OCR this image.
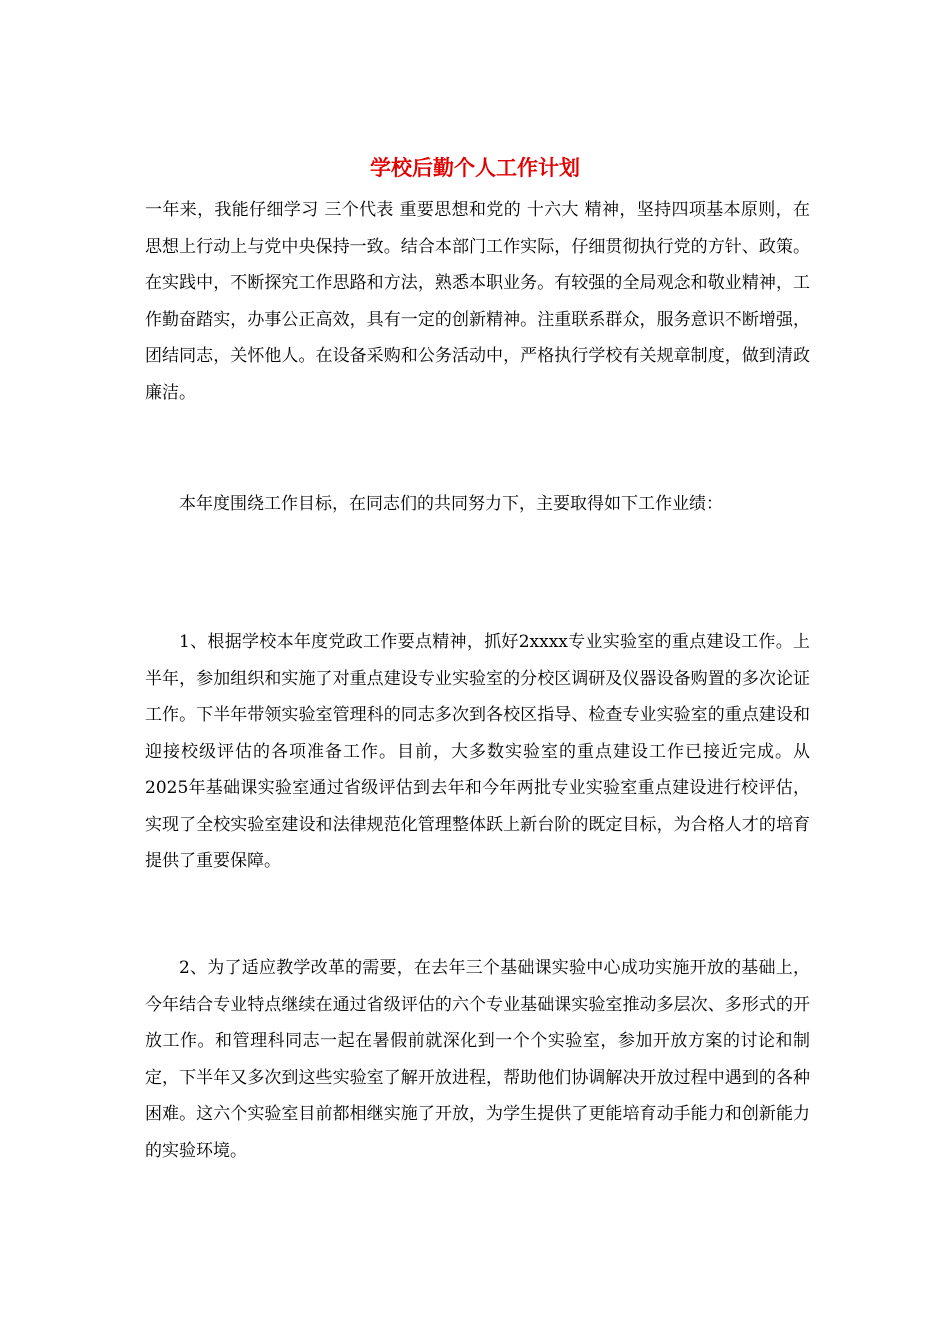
学校后勤个人工作计划

一年来，我能仔细学习 三个代表 重要思想和党的 十六大 精神，坚持四项基本原则，在思想上行动上与党中央保持一致。结合本部门工作实际，仔细贯彻执行党的方针、政策。在实践中，不断探究工作思路和方法，熟悉本职业务。有较强的全局观念和敬业精神，工作勤奋踏实，办事公正高效，具有一定的创新精神。注重联系群众，服务意识不断增强，团结同志，关怀他人。在设备采购和公务活动中，严格执行学校有关规章制度，做到清政廉洁。

本年度围绕工作目标，在同志们的共同努力下，主要取得如下工作业绩：

1、根据学校本年度党政工作要点精神，抓好2xxxx专业实验室的重点建设工作。上半年，参加组织和实施了对重点建设专业实验室的分校区调研及仪器设备购置的多次论证工作。下半年带领实验室管理科的同志多次到各校区指导、检查专业实验室的重点建设和迎接校级评估的各项准备工作。目前，大多数实验室的重点建设工作已接近完成。从2025年基础课实验室通过省级评估到去年和今年两批专业实验室重点建设进行校评估，实现了全校实验室建设和法律规范化管理整体跃上新台阶的既定目标，为合格人才的培育提供了重要保障。

2、为了适应教学改革的需要，在去年三个基础课实验中心成功实施开放的基础上，今年结合专业特点继续在通过省级评估的六个专业基础课实验室推动多层次、多形式的开放工作。和管理科同志一起在暑假前就深化到一个个实验室，参加开放方案的讨论和制定，下半年又多次到这些实验室了解开放进程，帮助他们协调解决开放过程中遇到的各种困难。这六个实验室目前都相继实施了开放，为学生提供了更能培育动手能力和创新能力的实验环境。
